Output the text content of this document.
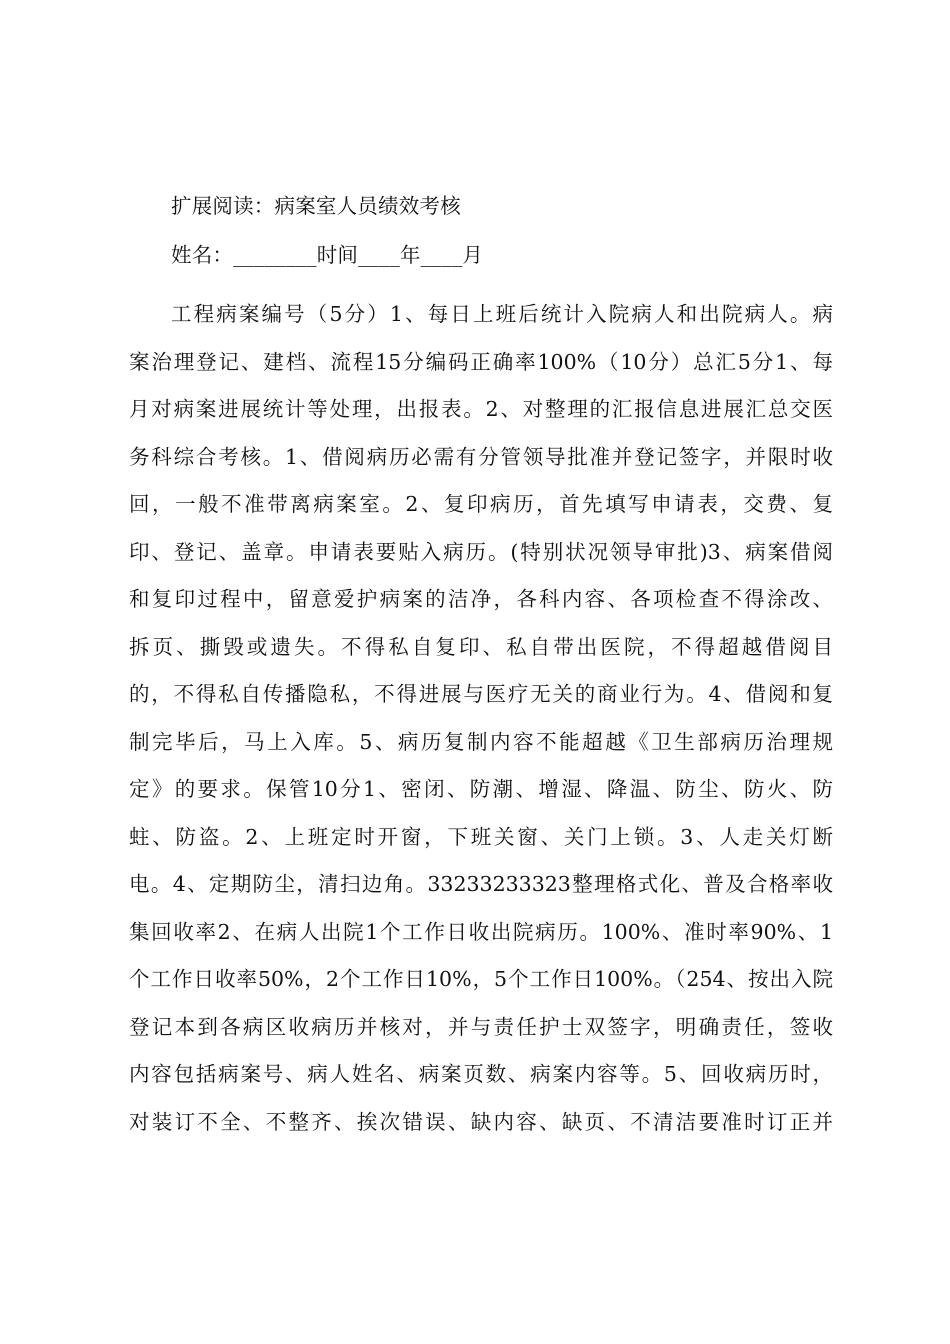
扩展阅读：病案室人员绩效考核
姓名：________时间____年____月
工程病案编号（5分）1、每日上班后统计入院病人和出院病人。病
案治理登记、建档、流程15分编码正确率100%（10分）总汇5分1、每
月对病案进展统计等处理，出报表。2、对整理的汇报信息进展汇总交医
务科综合考核。1、借阅病历必需有分管领导批准并登记签字，并限时收
回，一般不准带离病案室。2、复印病历，首先填写申请表，交费、复
印、登记、盖章。申请表要贴入病历。(特别状况领导审批)3、病案借阅
和复印过程中，留意爱护病案的洁净，各科内容、各项检查不得涂改、
拆页、撕毁或遗失。不得私自复印、私自带出医院，不得超越借阅目
的，不得私自传播隐私，不得进展与医疗无关的商业行为。4、借阅和复
制完毕后，马上入库。5、病历复制内容不能超越《卫生部病历治理规
定》的要求。保管10分1、密闭、防潮、增湿、降温、防尘、防火、防
蛀、防盗。2、上班定时开窗，下班关窗、关门上锁。3、人走关灯断
电。4、定期防尘，清扫边角。33233233323整理格式化、普及合格率收
集回收率2、在病人出院1个工作日收出院病历。100%、准时率90%、1
个工作日收率50%，2个工作日10%，5个工作日100%。（254、按出入院
登记本到各病区收病历并核对，并与责任护士双签字，明确责任，签收
内容包括病案号、病人姓名、病案页数、病案内容等。5、回收病历时，
对装订不全、不整齐、挨次错误、缺内容、缺页、不清洁要准时订正并
